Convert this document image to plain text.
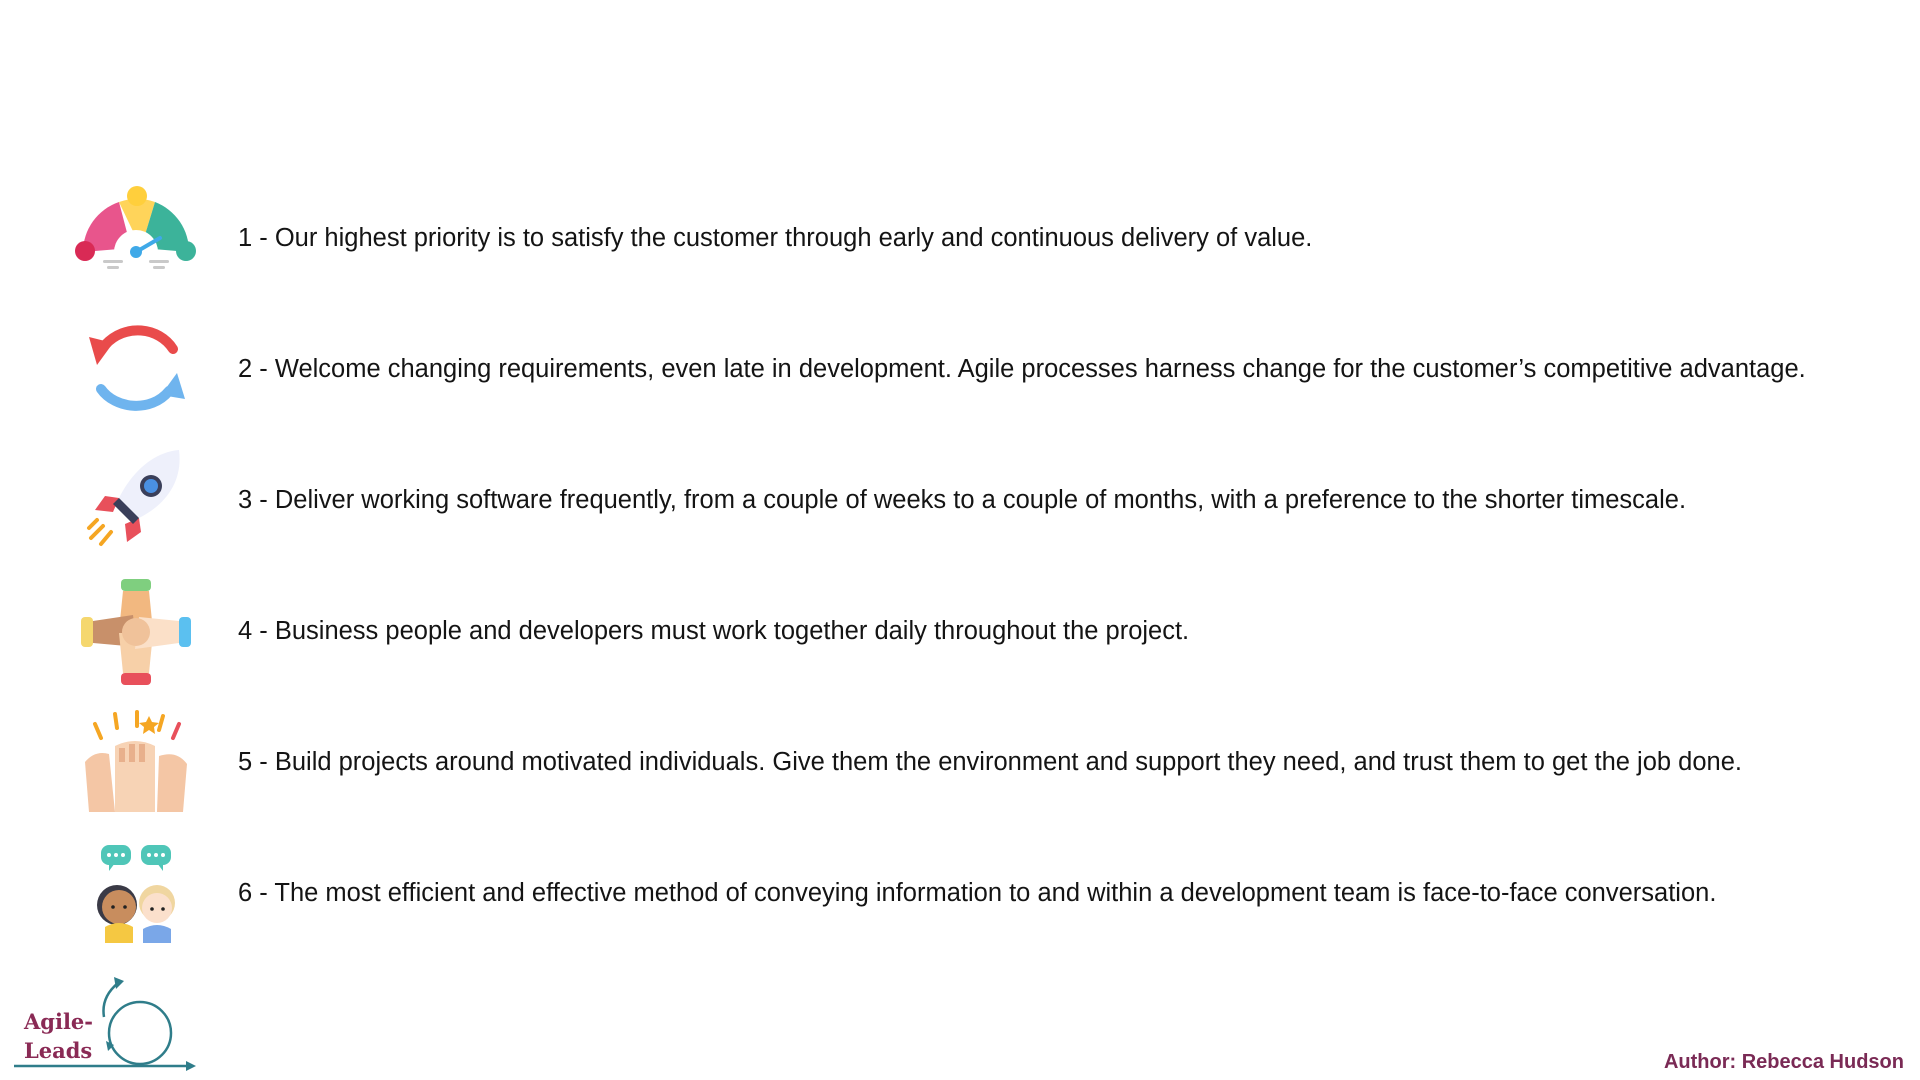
1 - Our highest priority is to satisfy the customer through early and continuous delivery of value.
2 - Welcome changing requirements, even late in development. Agile processes harness change for the customer’s competitive advantage.
3 - Deliver working software frequently, from a couple of weeks to a couple of months, with a preference to the shorter timescale.
4 - Business people and developers must work together daily throughout the project.
5 - Build projects around motivated individuals. Give them the environment and support they need, and trust them to get the job done.
6 - The most efficient and effective method of conveying information to and within a development team is face-to-face conversation.
Agile-
Leads	Author: Rebecca Hudson
